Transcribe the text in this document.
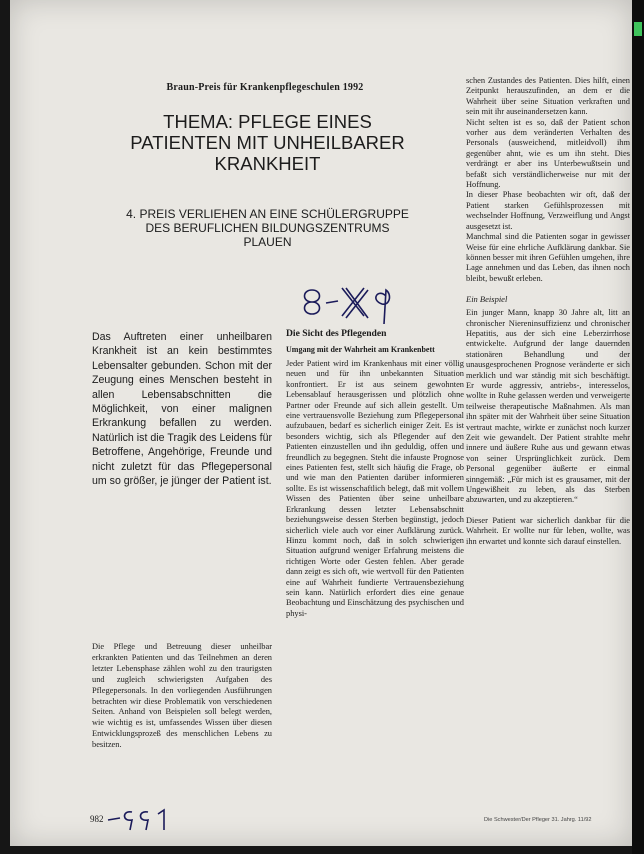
Braun-Preis für Krankenpflegeschulen 1992
THEMA: PFLEGE EINES
PATIENTEN MIT UNHEILBARER
KRANKHEIT
4. PREIS VERLIEHEN AN EINE SCHÜLERGRUPPE
DES BERUFLICHEN BILDUNGSZENTRUMS
PLAUEN

Das Auftreten einer unheilbaren Krankheit ist an kein bestimmtes Lebensalter gebunden. Schon mit der Zeugung eines Menschen besteht in allen Lebensabschnitten die Möglichkeit, von einer malignen Erkrankung befallen zu werden. Natürlich ist die Tragik des Leidens für Betroffene, Angehörige, Freunde und nicht zuletzt für das Pflegepersonal um so größer, je jünger der Patient ist.

Die Pflege und Betreuung dieser unheilbar erkrankten Patienten und das Teilnehmen an deren letzter Lebensphase zählen wohl zu den traurigsten und zugleich schwierigsten Aufgaben des Pflegepersonals. In den vorliegenden Ausführungen betrachten wir diese Problematik von verschiedenen Seiten. Anhand von Beispielen soll belegt werden, wie wichtig es ist, umfassendes Wissen über diesen Entwicklungsprozeß des menschlichen Lebens zu besitzen.

Die Sicht des Pflegenden
Umgang mit der Wahrheit am Krankenbett

Jeder Patient wird im Krankenhaus mit einer völlig neuen und für ihn unbekannten Situation konfrontiert. Er ist aus seinem gewohnten Lebensablauf herausgerissen und plötzlich ohne Partner oder Freunde auf sich allein gestellt. Um eine vertrauensvolle Beziehung zum Pflegepersonal aufzubauen, bedarf es sicherlich einiger Zeit. Es ist besonders wichtig, sich als Pflegender auf den Patienten einzustellen und ihn geduldig, offen und freundlich zu begegnen. Steht die infauste Prognose eines Patienten fest, stellt sich häufig die Frage, ob und wie man den Patienten darüber informieren sollte. Es ist wissenschaftlich belegt, daß mit vollem Wissen des Patienten über seine unheilbare Erkrankung dessen letzter Lebensabschnitt beziehungsweise dessen Sterben begünstigt, jedoch sicherlich viele auch vor einer Aufklärung zurück. Hinzu kommt noch, daß in solch schwierigen Situation aufgrund weniger Erfahrung meistens die richtigen Worte oder Gesten fehlen. Aber gerade dann zeigt es sich oft, wie wertvoll für den Patienten eine auf Wahrheit fundierte Vertrauensbeziehung sein kann. Natürlich erfordert dies eine genaue Beobachtung und Einschätzung des psychischen und physi-

schen Zustandes des Patienten. Dies hilft, einen Zeitpunkt herauszufinden, an dem er die Wahrheit über seine Situation verkraften und sein mit ihr auseinandersetzen kann.

Nicht selten ist es so, daß der Patient schon vorher aus dem veränderten Verhalten des Personals (ausweichend, mitleidvoll) ihm gegenüber ahnt, wie es um ihn steht. Dies verdrängt er aber ins Unterbewußtsein und befaßt sich verständlicherweise nur mit der Hoffnung.

In dieser Phase beobachten wir oft, daß der Patient starken Gefühlsprozessen mit wechselnder Hoffnung, Verzweiflung und Angst ausgesetzt ist.

Manchmal sind die Patienten sogar in gewisser Weise für eine ehrliche Aufklärung dankbar. Sie können besser mit ihren Gefühlen umgehen, ihre Lage annehmen und das Leben, das ihnen noch bleibt, bewußt erleben.

Ein Beispiel

Ein junger Mann, knapp 30 Jahre alt, litt an chronischer Niereninsuffizienz und chronischer Hepatitis, aus der sich eine Leberzirrhose entwickelte. Aufgrund der lange dauernden stationären Behandlung und der unausgesprochenen Prognose veränderte er sich merklich und war ständig mit sich beschäftigt. Er wurde aggressiv, antriebs-, interesselos, wollte in Ruhe gelassen werden und verweigerte teilweise therapeutische Maßnahmen. Als man ihn später mit der Wahrheit über seine Situation vertraut machte, wirkte er zunächst noch kurzer Zeit wie gewandelt. Der Patient strahlte mehr innere und äußere Ruhe aus und gewann etwas von seiner Ursprünglichkeit zurück. Dem Personal gegenüber äußerte er einmal sinngemäß: „Für mich ist es grausamer, mit der Ungewißheit zu leben, als das Sterben abzuwarten, und zu akzeptieren.“

Dieser Patient war sicherlich dankbar für die Wahrheit. Er wollte nur für leben, wollte, was ihn erwartet und konnte sich darauf einstellen.

982	Die Schwester/Der Pfleger 31. Jahrg. 11/92
